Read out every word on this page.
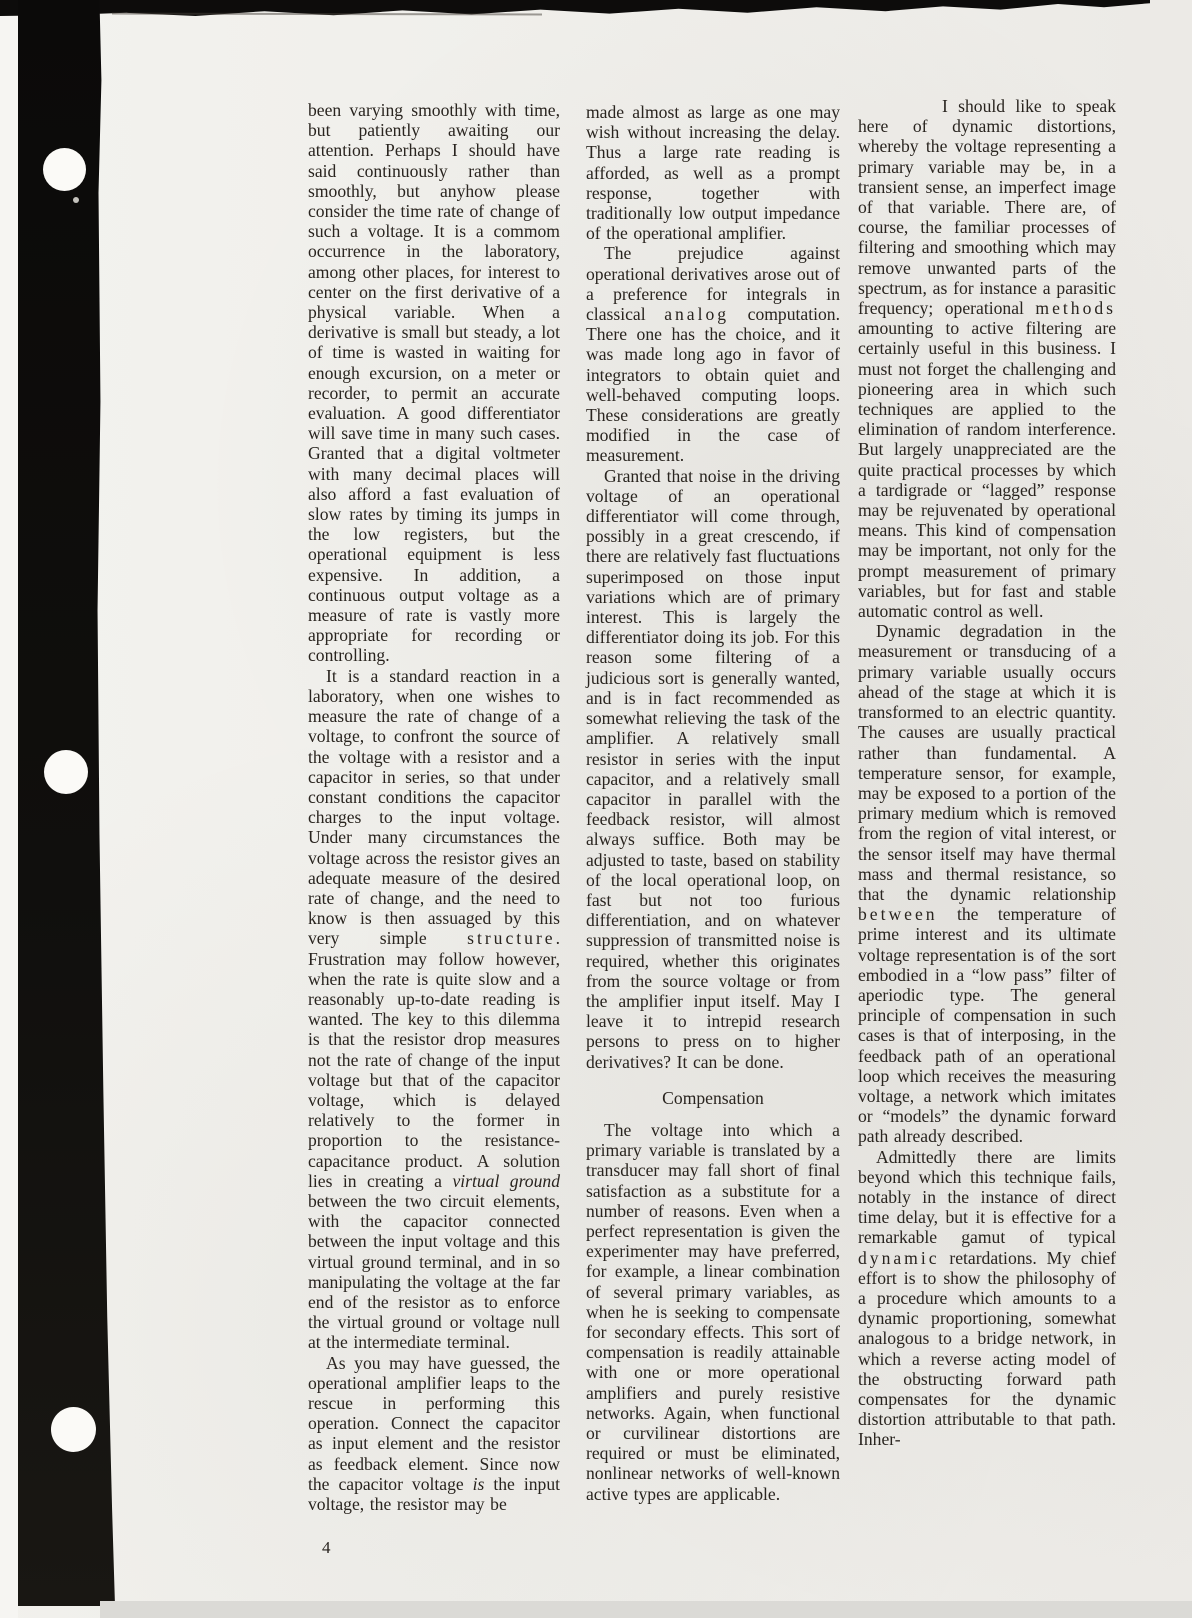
been varying smoothly with time, but patiently awaiting our attention. Perhaps I should have said continuously rather than smoothly, but anyhow please consider the time rate of change of such a voltage. It is a commom occurrence in the laboratory, among other places, for interest to center on the first derivative of a physical variable. When a derivative is small but steady, a lot of time is wasted in waiting for enough excursion, on a meter or recorder, to permit an accurate evaluation. A good differentiator will save time in many such cases. Granted that a digital voltmeter with many decimal places will also afford a fast evaluation of slow rates by timing its jumps in the low registers, but the operational equipment is less expensive. In addition, a continuous output voltage as a measure of rate is vastly more appropriate for recording or controlling.

It is a standard reaction in a laboratory, when one wishes to measure the rate of change of a voltage, to confront the source of the voltage with a resistor and a capacitor in series, so that under constant conditions the capacitor charges to the input voltage. Under many circumstances the voltage across the resistor gives an adequate measure of the desired rate of change, and the need to know is then assuaged by this very simple structure. Frustration may follow however, when the rate is quite slow and a reasonably up-to-date reading is wanted. The key to this dilemma is that the resistor drop measures not the rate of change of the input voltage but that of the capacitor voltage, which is delayed relatively to the former in proportion to the resistance-capacitance product. A solution lies in creating a virtual ground between the two circuit elements, with the capacitor connected between the input voltage and this virtual ground terminal, and in so manipulating the voltage at the far end of the resistor as to enforce the virtual ground or voltage null at the intermediate terminal.

As you may have guessed, the operational amplifier leaps to the rescue in performing this operation. Connect the capacitor as input element and the resistor as feedback element. Since now the capacitor voltage is the input voltage, the resistor may be

made almost as large as one may wish without increasing the delay. Thus a large rate reading is afforded, as well as a prompt response, together with traditionally low output impedance of the operational amplifier.

The prejudice against operational derivatives arose out of a preference for integrals in classical analog computation. There one has the choice, and it was made long ago in favor of integrators to obtain quiet and well-behaved computing loops. These considerations are greatly modified in the case of measurement.

Granted that noise in the driving voltage of an operational differentiator will come through, possibly in a great crescendo, if there are relatively fast fluctuations superimposed on those input variations which are of primary interest. This is largely the differentiator doing its job. For this reason some filtering of a judicious sort is generally wanted, and is in fact recommended as somewhat relieving the task of the amplifier. A relatively small resistor in series with the input capacitor, and a relatively small capacitor in parallel with the feedback resistor, will almost always suffice. Both may be adjusted to taste, based on stability of the local operational loop, on fast but not too furious differentiation, and on whatever suppression of transmitted noise is required, whether this originates from the source voltage or from the amplifier input itself. May I leave it to intrepid research persons to press on to higher derivatives? It can be done.

Compensation

The voltage into which a primary variable is translated by a transducer may fall short of final satisfaction as a substitute for a number of reasons. Even when a perfect representation is given the experimenter may have preferred, for example, a linear combination of several primary variables, as when he is seeking to compensate for secondary effects. This sort of compensation is readily attainable with one or more operational amplifiers and purely resistive networks. Again, when functional or curvilinear distortions are required or must be eliminated, nonlinear networks of well-known active types are applicable.

I should like to speak here of dynamic distortions, whereby the voltage representing a primary variable may be, in a transient sense, an imperfect image of that variable. There are, of course, the familiar processes of filtering and smoothing which may remove unwanted parts of the spectrum, as for instance a parasitic frequency; operational methods amounting to active filtering are certainly useful in this business. I must not forget the challenging and pioneering area in which such techniques are applied to the elimination of random interference. But largely unappreciated are the quite practical processes by which a tardigrade or “lagged” response may be rejuvenated by operational means. This kind of compensation may be important, not only for the prompt measurement of primary variables, but for fast and stable automatic control as well.

Dynamic degradation in the measurement or transducing of a primary variable usually occurs ahead of the stage at which it is transformed to an electric quantity. The causes are usually practical rather than fundamental. A temperature sensor, for example, may be exposed to a portion of the primary medium which is removed from the region of vital interest, or the sensor itself may have thermal mass and thermal resistance, so that the dynamic relationship between the temperature of prime interest and its ultimate voltage representation is of the sort embodied in a “low pass” filter of aperiodic type. The general principle of compensation in such cases is that of interposing, in the feedback path of an operational loop which receives the measuring voltage, a network which imitates or “models” the dynamic forward path already described.

Admittedly there are limits beyond which this technique fails, notably in the instance of direct time delay, but it is effective for a remarkable gamut of typical dynamic retardations. My chief effort is to show the philosophy of a procedure which amounts to a dynamic proportioning, somewhat analogous to a bridge network, in which a reverse acting model of the obstructing forward path compensates for the dynamic distortion attributable to that path. Inher-

4
